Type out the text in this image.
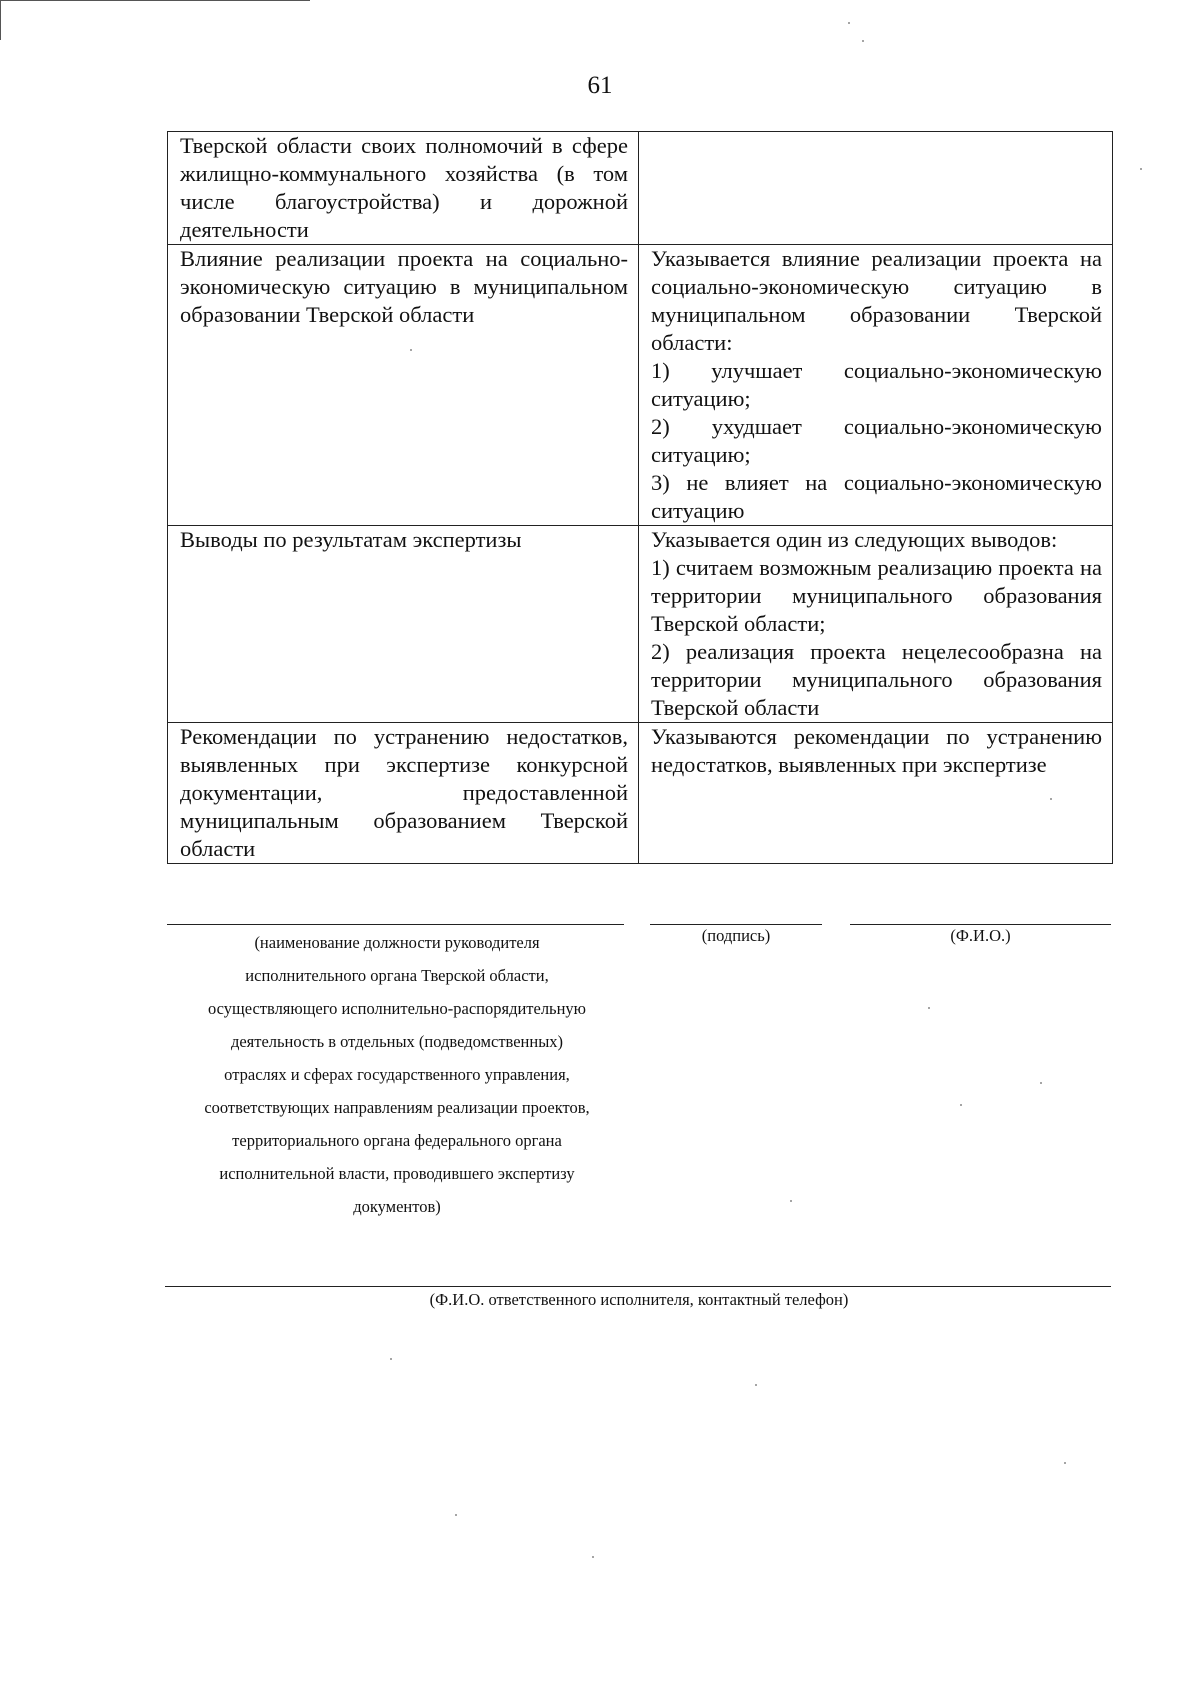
61
Тверской области своих полномочий в сфере жилищно-коммунального хозяйства (в том числе благоустройства) и дорожной деятельности	

Влияние реализации проекта на социально-экономическую ситуацию в муниципальном образовании Тверской области	Указывается влияние реализации проекта на социально-экономическую ситуацию в муниципальном образовании Тверской области:
1) улучшает социально-экономическую ситуацию;
2) ухудшает социально-экономическую ситуацию;
3) не влияет на социально-экономическую ситуацию

Выводы по результатам экспертизы	Указывается один из следующих выводов:
1) считаем возможным реализацию проекта на территории муниципального образования Тверской области;
2) реализация проекта нецелесообразна на территории муниципального образования Тверской области

Рекомендации по устранению недостатков, выявленных при экспертизе конкурсной документации, предоставленной муниципальным образованием Тверской области	Указываются рекомендации по устранению недостатков, выявленных при экспертизе
(наименование должности руководителя
исполнительного органа Тверской области,
осуществляющего исполнительно-распорядительную
деятельность в отдельных (подведомственных)
отраслях и сферах государственного управления,
соответствующих направлениям реализации проектов,
территориального органа федерального органа
исполнительной власти, проводившего экспертизу
документов)
(подпись)	(Ф.И.О.)
(Ф.И.О. ответственного исполнителя, контактный телефон)
